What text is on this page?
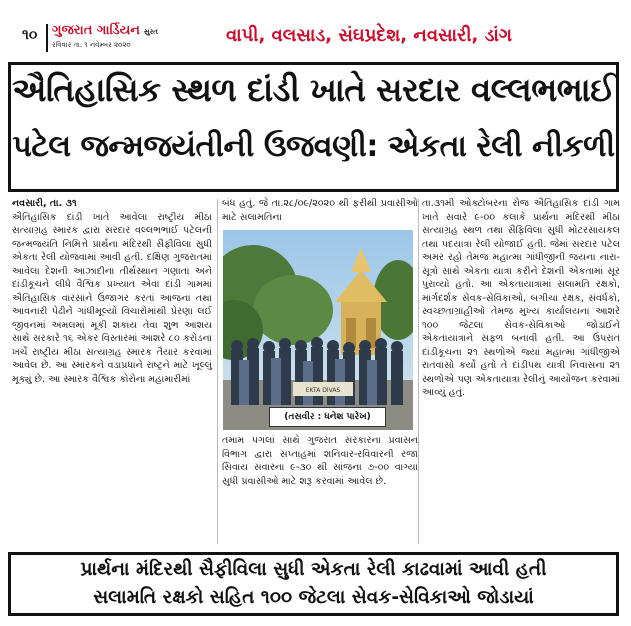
૧૦ ગુજરાત ગાર્ડિયન સુરત
રવિવાર તા. ૧ નવેમ્બર ૨૦૨૦	વાપી, વલસાડ, સંઘપ્રદેશ, નવસારી, ડાંગ
ઐતિહાસિક સ્થળ દાંડી ખાતે સરદાર વલ્લભભાઈ
પટેલ જન્મજયંતીની ઉજવણી: એકતા રેલી નીકળી

નવસારી, તા. ૩૧

ઐતિહાસિક દાંડી ખાતે આવેલા રાષ્ટ્રીય મીઠા સત્યાગ્રહ સ્મારક દ્વારા સરદાર વલ્લભભાઈ પટેલની જન્મજયંતિ નિમિત્તે પ્રાર્થના મંદિરથી સૈફીવિલા સુધી એકતા રેલી યોજવામાં આવી હતી. દક્ષિણ ગુજરાતમાં આવેલા દેશની આઝાદીના તીર્થસ્થાન ગણાતા અને દાંડીકૂચને લીધે વૈશ્વિક પ્રખ્યાત એવા દાંડી ગામમાં ઐતિહાસિક વારસાને ઉજાગર કરતાં આજના તથા આવનારી પેઢીને ગાંધીમૂલ્યો વિચારોમાંથી પ્રેરણા લઈ જીવનમાં અમલમાં મૂકી શકાય તેવા શુભ આશય સાથે સરકારે ૧૬ એકર વિસ્તારમાં આશરે ૮૦ કરોડના ખર્ચે રાષ્ટ્રીય મીઠા સત્યાગ્રહ સ્મારક તૈયાર કરવામાં આવેલ છે. આ સ્મારકને વડાપ્રધાને રાષ્ટ્રને માટે ખૂલ્લું મૂક્યું છે. આ સ્મારક વૈશ્વિક કોરોના મહામારીમાં

બંધ હતું. જે તા.૨૮/૦૯/૨૦૨૦ થી ફરીથી પ્રવાસીઓ માટે સલામતિના

EKTA DIVAS
(તસવીર : ધનેશ પારેખ)

તમામ પગલાં સાથે ગુજરાત સરકારના પ્રવાસન વિભાગ દ્વારા સપ્તાહમાં શનિવાર-રવિવારની રજા સિવાય સવારના ૯-૩૦ થી સાંજના ૭-૦૦ વાગ્યા સુધી પ્રવાસીઓ માટે શરૂ કરવામાં આવેલ છે.

તા.૩૧મી ઓક્ટોબરના રોજ ઐતિહાસિક દાંડી ગામ ખાતે સવારે ૯-૦૦ કલાકે પ્રાર્થના મંદિરથી મીઠા સત્યાગ્રહ સ્થળ તથા સૈફિવિલા સુધી મોટરસાયકલ તથા પદયાત્રા રેલી યોજાઈ હતી. જેમાં સરદાર પટેલ અમર રહો તેમજ મહાત્મા ગાંધીજીની જયના નારા-સૂત્રો સાથે એકતા યાત્રા કરીને દેશની એકતામાં સૂર પુરાવ્યો હતો. આ એકતાયાત્રામાં સલામતિ રક્ષકો, માર્ગદર્શક સેવક-સેવિકાઓ, બગીચા રક્ષક, સંવર્ધકો, સ્વચ્છતાગ્રાહીઓ તેમજ મુખ્ય કાર્યાલયના આશરે ૧૦૦ જેટલા સેવક-સેવિકાઓ જોડાઈને એકતાયાત્રાને સફળ બનાવી હતી. આ ઉપરાંત દાંડીકૂચના ૨૧ સ્થળોએ જ્યાં મહાત્મા ગાંધીજીએ રાતવાસો કર્યો હતો તે દાંડીપથ યાત્રી નિવાસના ૨૧ સ્થળોએ પણ એકતાયાત્રા રેલીનું આયોજન કરવામાં આવ્યું હતું.

પ્રાર્થના મંદિરથી સૈફીવિલા સુધી એકતા રેલી કાઢવામાં આવી હતી
સલામતિ રક્ષકો સહિત ૧૦૦ જેટલા સેવક-સેવિકાઓ જોડાયાં
